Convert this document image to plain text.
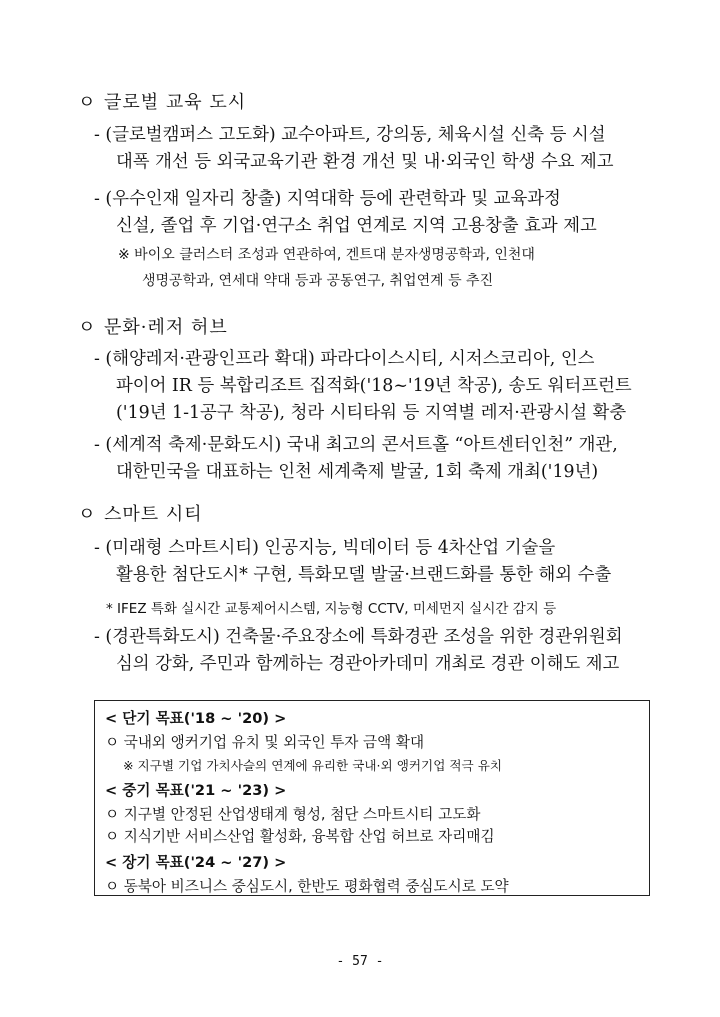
ㅇ 글로벌 교육 도시
- (글로벌캠퍼스 고도화) 교수아파트, 강의동, 체육시설 신축 등 시설
대폭 개선 등 외국교육기관 환경 개선 및 내·외국인 학생 수요 제고
- (우수인재 일자리 창출) 지역대학 등에 관련학과 및 교육과정
신설, 졸업 후 기업·연구소 취업 연계로 지역 고용창출 효과 제고
※ 바이오 클러스터 조성과 연관하여, 겐트대 분자생명공학과, 인천대
생명공학과, 연세대 약대 등과 공동연구, 취업연계 등 추진
ㅇ 문화·레저 허브
- (해양레저·관광인프라 확대) 파라다이스시티, 시저스코리아, 인스
파이어 IR 등 복합리조트 집적화('18~'19년 착공), 송도 워터프런트
('19년 1-1공구 착공), 청라 시티타워 등 지역별 레저·관광시설 확충
- (세계적 축제·문화도시) 국내 최고의 콘서트홀 “아트센터인천” 개관,
대한민국을 대표하는 인천 세계축제 발굴, 1회 축제 개최('19년)
ㅇ 스마트 시티
- (미래형 스마트시티) 인공지능, 빅데이터 등 4차산업 기술을
활용한 첨단도시* 구현, 특화모델 발굴·브랜드화를 통한 해외 수출
* IFEZ 특화 실시간 교통제어시스템, 지능형 CCTV, 미세먼지 실시간 감지 등
- (경관특화도시) 건축물·주요장소에 특화경관 조성을 위한 경관위원회
심의 강화, 주민과 함께하는 경관아카데미 개최로 경관 이해도 제고
< 단기 목표('18 ~ '20) >
ㅇ 국내외 앵커기업 유치 및 외국인 투자 금액 확대
※ 지구별 기업 가치사슬의 연계에 유리한 국내·외 앵커기업 적극 유치
< 중기 목표('21 ~ '23) >
ㅇ 지구별 안정된 산업생태계 형성, 첨단 스마트시티 고도화
ㅇ 지식기반 서비스산업 활성화, 융복합 산업 허브로 자리매김
< 장기 목표('24 ~ '27) >
ㅇ 동북아 비즈니스 중심도시, 한반도 평화협력 중심도시로 도약
- 57 -
